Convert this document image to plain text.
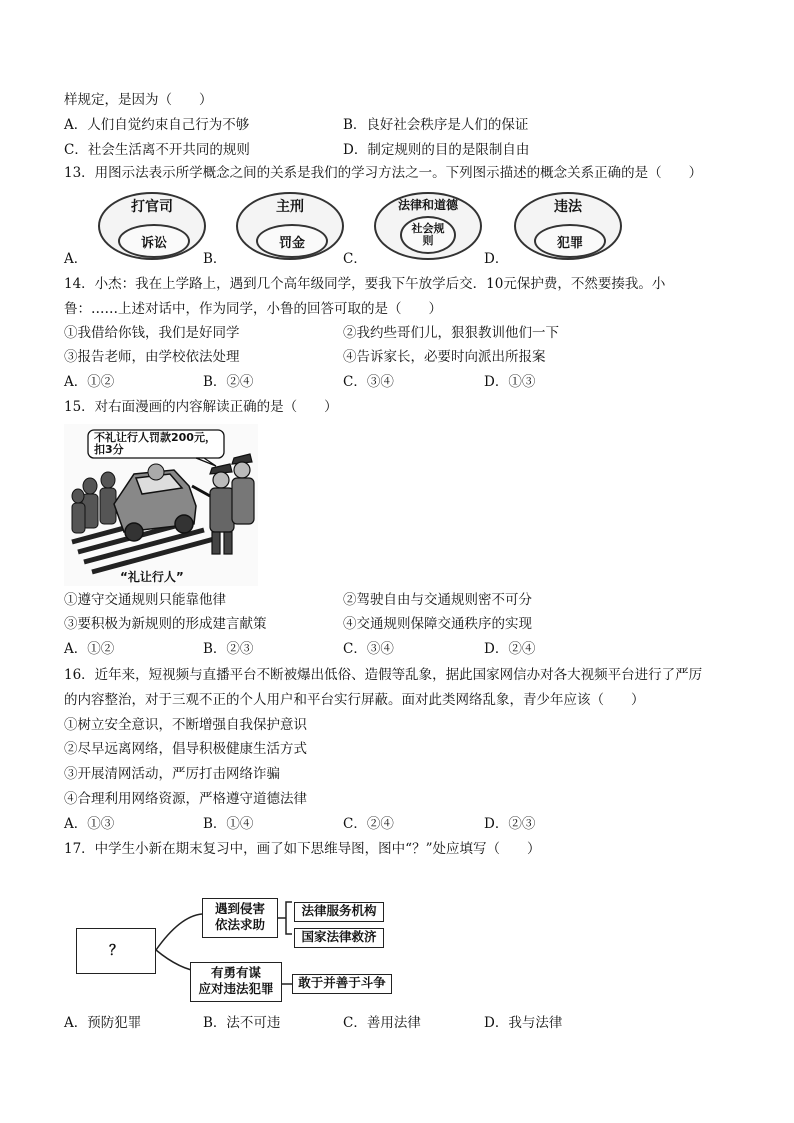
样规定，是因为（　　）
A．人们自觉约束自己行为不够	B．良好社会秩序是人们的保证
C．社会生活离不开共同的规则	D．制定规则的目的是限制自由
13．用图示法表示所学概念之间的关系是我们的学习方法之一。下列图示描述的概念关系正确的是（　　）
A．
打官司
诉讼
B．
主刑
罚金
C．
法律和道德
社会规则
D．
违法
犯罪
14．小杰：我在上学路上，遇到几个高年级同学，要我下午放学后交．10元保护费，不然要揍我。小
鲁：……上述对话中，作为同学，小鲁的回答可取的是（　　）
①我借给你钱，我们是好同学	②我约些哥们儿，狠狠教训他们一下
③报告老师，由学校依法处理	④告诉家长，必要时向派出所报案
A．①②	B．②④	C．③④	D．①③
15．对右面漫画的内容解读正确的是（　　）
不礼让行人罚款200元，扣3分
“礼让行人”
①遵守交通规则只能靠他律	②驾驶自由与交通规则密不可分
③要积极为新规则的形成建言献策	④交通规则保障交通秩序的实现
A．①②	B．②③	C．③④	D．②④
16．近年来，短视频与直播平台不断被爆出低俗、造假等乱象，据此国家网信办对各大视频平台进行了严厉
的内容整治，对于三观不正的个人用户和平台实行屏蔽。面对此类网络乱象，青少年应该（　　）
①树立安全意识，不断增强自我保护意识
②尽早远离网络，倡导积极健康生活方式
③开展清网活动，严厉打击网络诈骗
④合理利用网络资源，严格遵守道德法律
A．①③	B．①④	C．②④	D．②③
17．中学生小新在期末复习中，画了如下思维导图，图中“？”处应填写（　　）
？
遇到侵害
依法求助
法律服务机构
国家法律救济
有勇有谋
应对违法犯罪	敢于并善于斗争
A．预防犯罪	B．法不可违	C．善用法律	D．我与法律
